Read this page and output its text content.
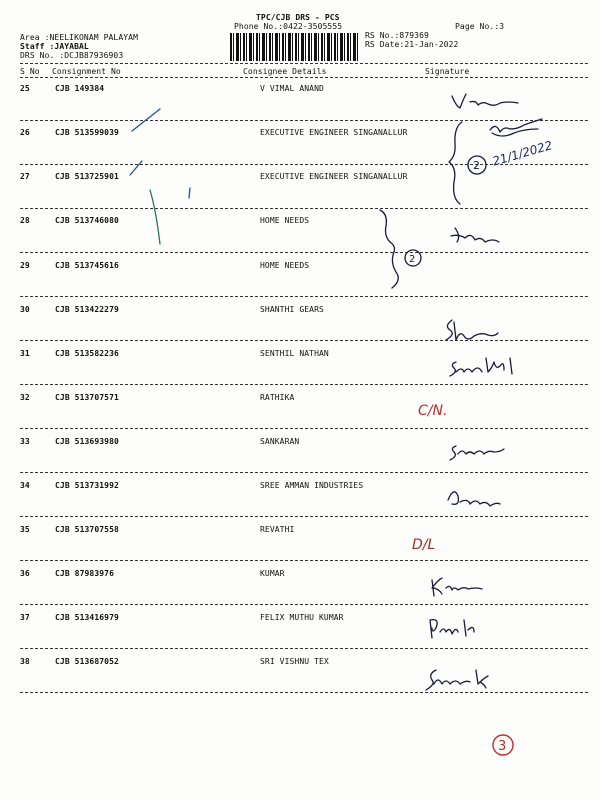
TPC/CJB DRS - PCS
Phone No.:0422-3505555	Page No.:3
Area :NEELIKONAM PALAYAM
Staff :JAYABAL
DRS No. :DCJB87936903
RS No.:879369
RS Date:21-Jan-2022
S No Consignment No	Consignee Details	Signature
25	CJB 149384	V VIMAL ANAND
26	CJB 513599039	EXECUTIVE ENGINEER SINGANALLUR
27	CJB 513725901	EXECUTIVE ENGINEER SINGANALLUR
28	CJB 513746080	HOME NEEDS
29	CJB 513745616	HOME NEEDS
30	CJB 513422279	SHANTHI GEARS
31	CJB 513582236	SENTHIL NATHAN
32	CJB 513707571	RATHIKA
33	CJB 513693980	SANKARAN
34	CJB 513731992	SREE AMMAN INDUSTRIES
35	CJB 513707558	REVATHI
36	CJB 87983976	KUMAR
37	CJB 513416979	FELIX MUTHU KUMAR
38	CJB 513687052	SRI VISHNU TEX
2
2
21/1/2022
C/N.
D/L
3
